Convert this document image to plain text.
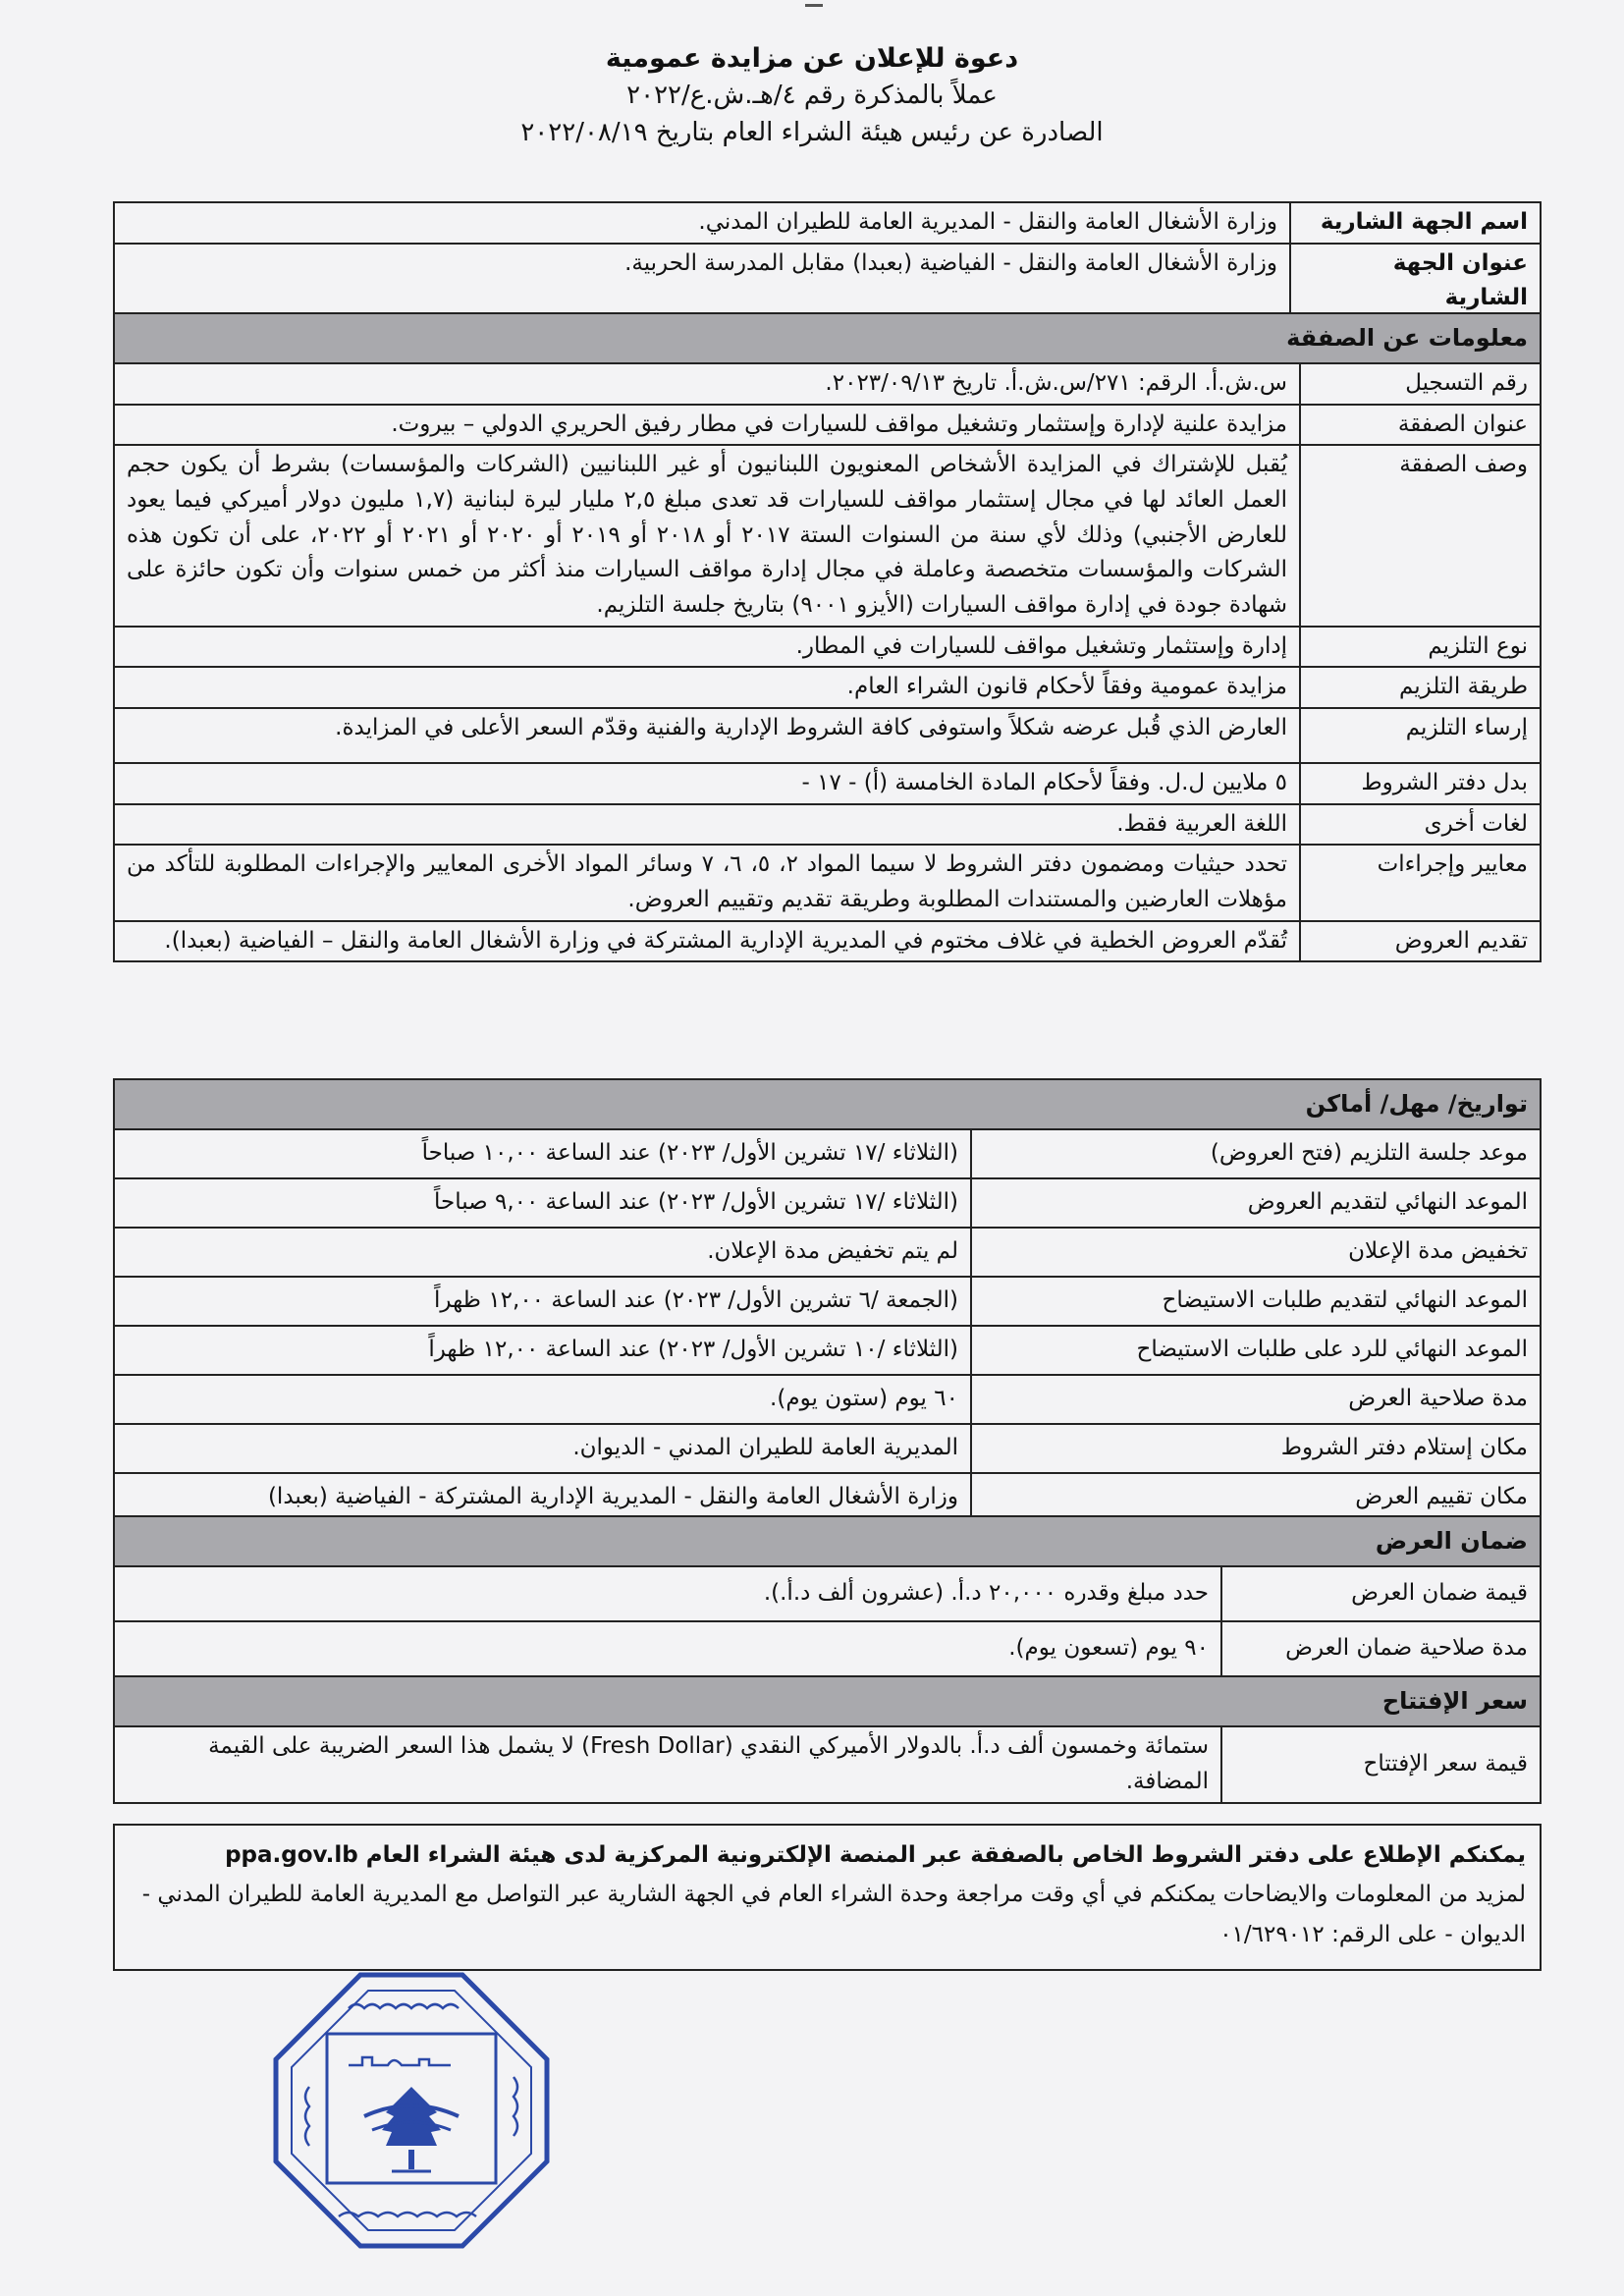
دعوة للإعلان عن مزايدة عمومية
عملاً بالمذكرة رقم ٤/هـ.ش.ع/٢٠٢٢
الصادرة عن رئيس هيئة الشراء العام بتاريخ ٢٠٢٢/٠٨/١٩
اسم الجهة الشارية	وزارة الأشغال العامة والنقل - المديرية العامة للطيران المدني.
عنوان الجهة الشارية	وزارة الأشغال العامة والنقل - الفياضية (بعبدا) مقابل المدرسة الحربية.
معلومات عن الصفقة	
رقم التسجيل	س.ش.أ. الرقم: ٢٧١/س.ش.أ. تاريخ ٢٠٢٣/٠٩/١٣.
عنوان الصفقة	مزايدة علنية لإدارة وإستثمار وتشغيل مواقف للسيارات في مطار رفيق الحريري الدولي – بيروت.
وصف الصفقة	يُقبل للإشتراك في المزايدة الأشخاص المعنويون اللبنانيون أو غير اللبنانيين (الشركات والمؤسسات) بشرط أن يكون حجم العمل العائد لها في مجال إستثمار مواقف للسيارات قد تعدى مبلغ ٢,٥ مليار ليرة لبنانية (١,٧ مليون دولار أميركي فيما يعود للعارض الأجنبي) وذلك لأي سنة من السنوات الستة ٢٠١٧ أو ٢٠١٨ أو ٢٠١٩ أو ٢٠٢٠ أو ٢٠٢١ أو ٢٠٢٢، على أن تكون هذه الشركات والمؤسسات متخصصة وعاملة في مجال إدارة مواقف السيارات منذ أكثر من خمس سنوات وأن تكون حائزة على شهادة جودة في إدارة مواقف السيارات (الأيزو ٩٠٠١) بتاريخ جلسة التلزيم.
نوع التلزيم	إدارة وإستثمار وتشغيل مواقف للسيارات في المطار.
طريقة التلزيم	مزايدة عمومية وفقاً لأحكام قانون الشراء العام.
إرساء التلزيم	العارض الذي قُبل عرضه شكلاً واستوفى كافة الشروط الإدارية والفنية وقدّم السعر الأعلى في المزايدة.
بدل دفتر الشروط	٥ ملايين ل.ل. وفقاً لأحكام المادة الخامسة (أ) - ١٧ -
لغات أخرى	اللغة العربية فقط.
معايير وإجراءات	تحدد حيثيات ومضمون دفتر الشروط لا سيما المواد ٢، ٥، ٦، ٧ وسائر المواد الأخرى المعايير والإجراءات المطلوبة للتأكد من مؤهلات العارضين والمستندات المطلوبة وطريقة تقديم وتقييم العروض.
تقديم العروض	تُقدّم العروض الخطية في غلاف مختوم في المديرية الإدارية المشتركة في وزارة الأشغال العامة والنقل – الفياضية (بعبدا).
تواريخ/ مهل/ أماكن	
موعد جلسة التلزيم (فتح العروض)	(الثلاثاء /١٧ تشرين الأول/ ٢٠٢٣) عند الساعة ١٠,٠٠ صباحاً
الموعد النهائي لتقديم العروض	(الثلاثاء /١٧ تشرين الأول/ ٢٠٢٣) عند الساعة ٩,٠٠ صباحاً
تخفيض مدة الإعلان	لم يتم تخفيض مدة الإعلان.
الموعد النهائي لتقديم طلبات الاستيضاح	(الجمعة /٦ تشرين الأول/ ٢٠٢٣) عند الساعة ١٢,٠٠ ظهراً
الموعد النهائي للرد على طلبات الاستيضاح	(الثلاثاء /١٠ تشرين الأول/ ٢٠٢٣) عند الساعة ١٢,٠٠ ظهراً
مدة صلاحية العرض	٦٠ يوم (ستون يوم).
مكان إستلام دفتر الشروط	المديرية العامة للطيران المدني - الديوان.
مكان تقييم العرض	وزارة الأشغال العامة والنقل - المديرية الإدارية المشتركة - الفياضية (بعبدا)
ضمان العرض	
قيمة ضمان العرض	حدد مبلغ وقدره ٢٠,٠٠٠ د.أ. (عشرون ألف د.أ.).
مدة صلاحية ضمان العرض	٩٠ يوم (تسعون يوم).
سعر الإفتتاح	
قيمة سعر الإفتتاح	ستمائة وخمسون ألف د.أ. بالدولار الأميركي النقدي (Fresh Dollar) لا يشمل هذا السعر الضريبة على القيمة المضافة.
يمكنكم الإطلاع على دفتر الشروط الخاص بالصفقة عبر المنصة الإلكترونية المركزية لدى هيئة الشراء العام ppa.gov.lb
لمزيد من المعلومات والايضاحات يمكنكم في أي وقت مراجعة وحدة الشراء العام في الجهة الشارية عبر التواصل مع المديرية العامة للطيران المدني - الديوان - على الرقم: ٠١/٦٢٩٠١٢
